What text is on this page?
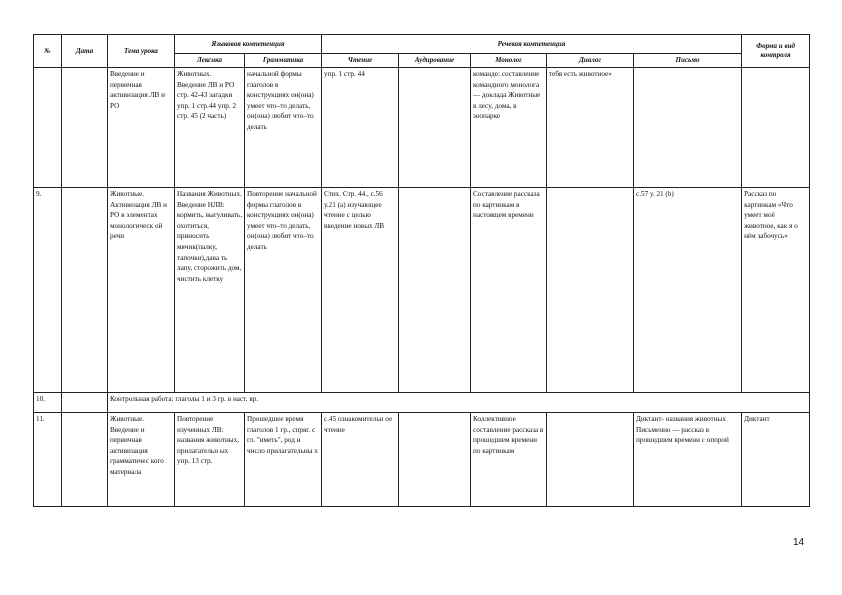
№	Дата	Тема урока	Языковая компетенция		Речевая компетенция					Форма и вид контроля
			Лексика	Грамматика	Чтение	Аудирование	Монолог	Диалог	Письмо	
		Введение и первичная активизация ЛВ и РО	Животных. Введение ЛВ и РО стр. 42-43 загадки упр. 1 стр.44 упр. 2 стр. 45 (2 часть)	начальной формы глаголов в конструкциях он(она) умеет что–то делать, он(она) любит что–то делать	упр. 1 стр. 44		команде: составление командного монолога — доклада Животные в лесу, дома, в зоопарке	тебя есть животное»		
9.		Животные. Активизация ЛВ и РО в элементах монологическ ой речи	Названия Животных. Введение НЛВ: кормить, выгуливать, охотиться, приносить мячик(палку, тапочки),дава ть лапу, сторожить дом, чистить клетку	Повторение начальной формы глаголов в конструкциях он(она) умеет что–то делать, он(она) любит что–то делать	Стих. Стр. 44., с.56 у.21 (a) изучающее чтение с целью введение новых ЛВ		Составление рассказа по картинкам в настоящем времени		с.57 у. 21 (b)	Рассказ по картинкам «Что умеет моё животное, как я о нём забочусь»
10.		Контрольная работа: глаголы 1 и 3 гр. в наст. вр.								
11.		Животные. Введение и первичная активизация грамматичес кого материала	Повторение изученных ЛВ: названия животных, прилагательн ых упр. 13 стр.	Прошедшее время глаголов 1 гр., спряг. с гл. "иметь", род и число прилагательны х	с.45 ознакомительн ое чтение		Коллективное составление рассказа в прошедшем времени по картинкам		Диктант- названия животных Письменно — рассказ в прошедшем времени с опорой	Диктант
14
